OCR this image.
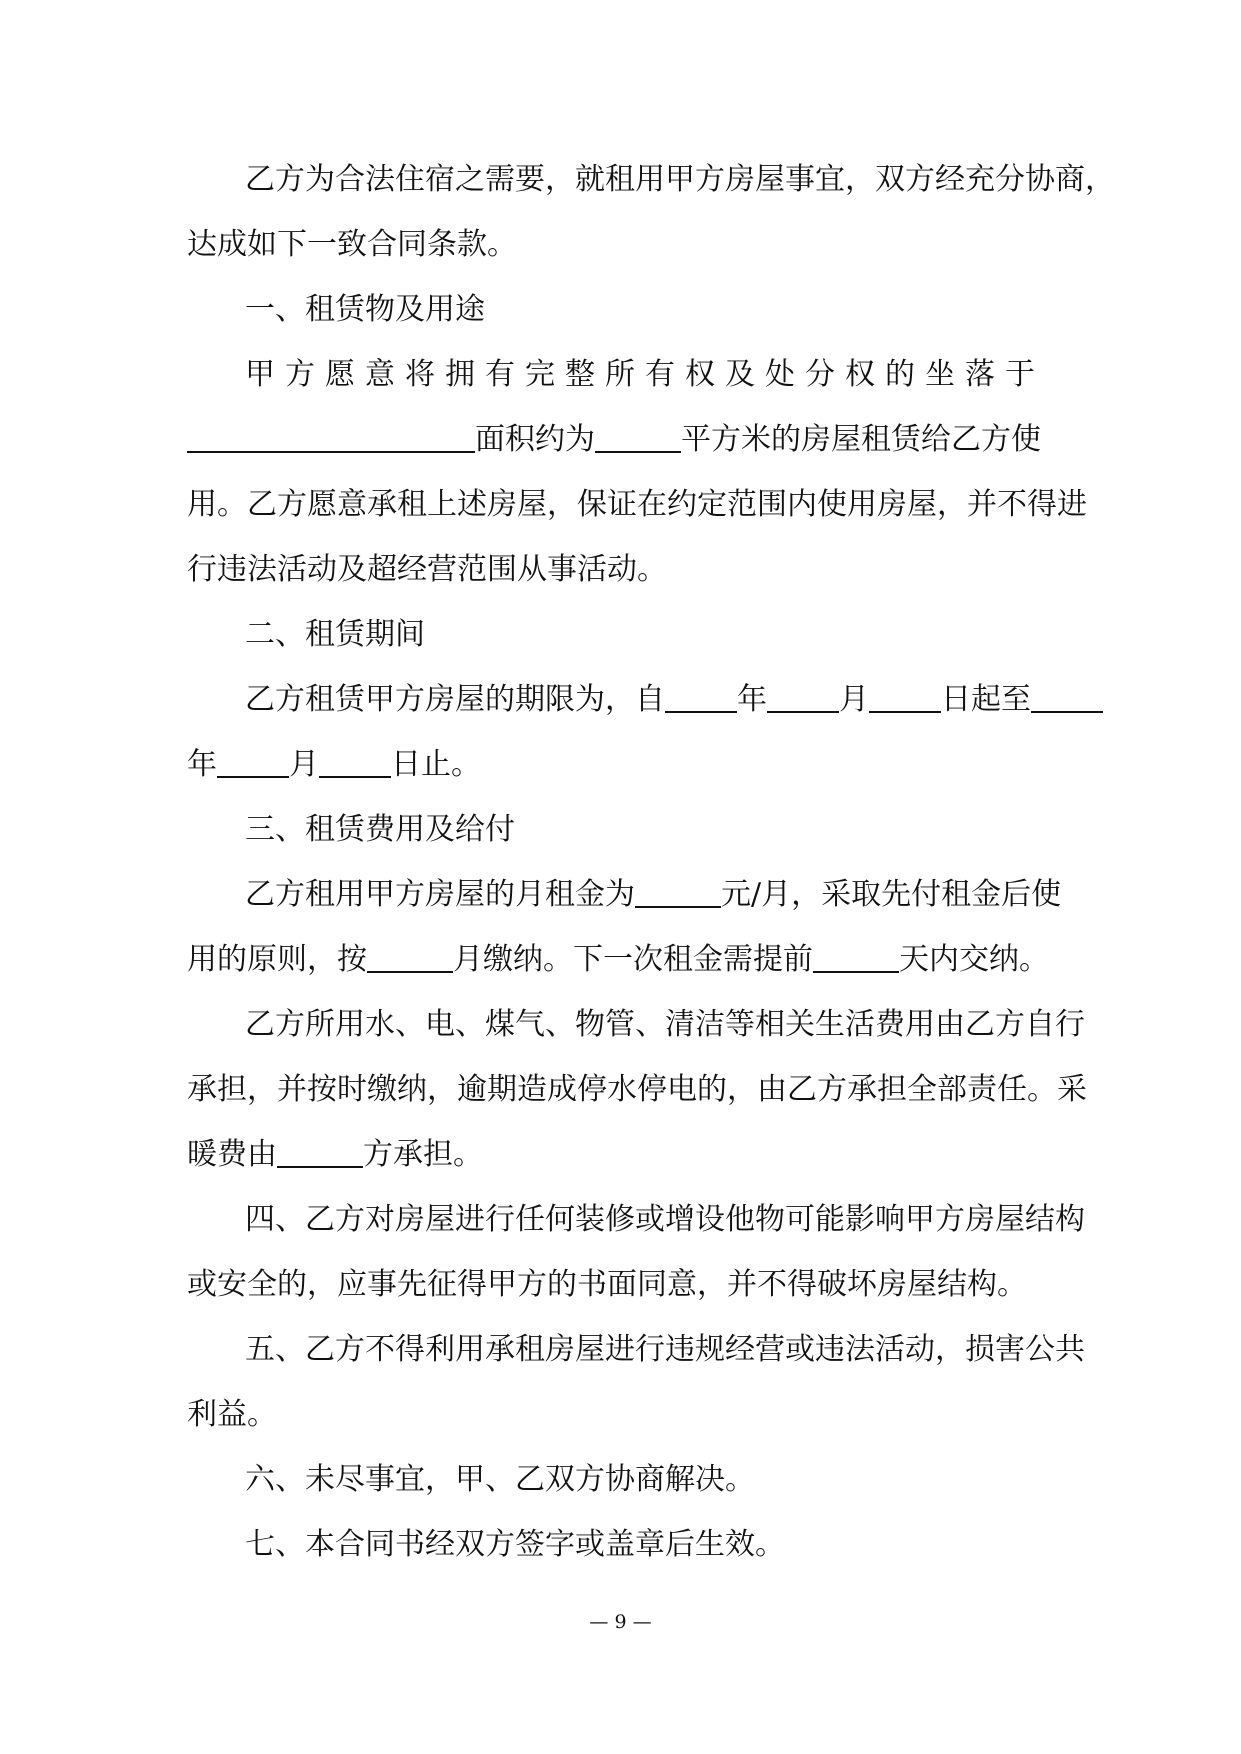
乙方为合法住宿之需要，就租用甲方房屋事宜，双方经充分协商，
达成如下一致合同条款。
一、租赁物及用途
甲方愿意将拥有完整所有权及处分权的坐落于
面积约为	平方米的房屋租赁给乙方使
用。乙方愿意承租上述房屋，保证在约定范围内使用房屋，并不得进
行违法活动及超经营范围从事活动。
二、租赁期间
乙方租赁甲方房屋的期限为，自 年 月 日起至
年 月 日止。
三、租赁费用及给付
乙方租用甲方房屋的月租金为	元/月，采取先付租金后使
用的原则，按	月缴纳。下一次租金需提前	天内交纳。
乙方所用水、电、煤气、物管、清洁等相关生活费用由乙方自行
承担，并按时缴纳，逾期造成停水停电的，由乙方承担全部责任。采
暖费由	方承担。
四、乙方对房屋进行任何装修或增设他物可能影响甲方房屋结构
或安全的，应事先征得甲方的书面同意，并不得破坏房屋结构。
五、乙方不得利用承租房屋进行违规经营或违法活动，损害公共
利益。
六、未尽事宜，甲、乙双方协商解决。
七、本合同书经双方签字或盖章后生效。
— 9 —
